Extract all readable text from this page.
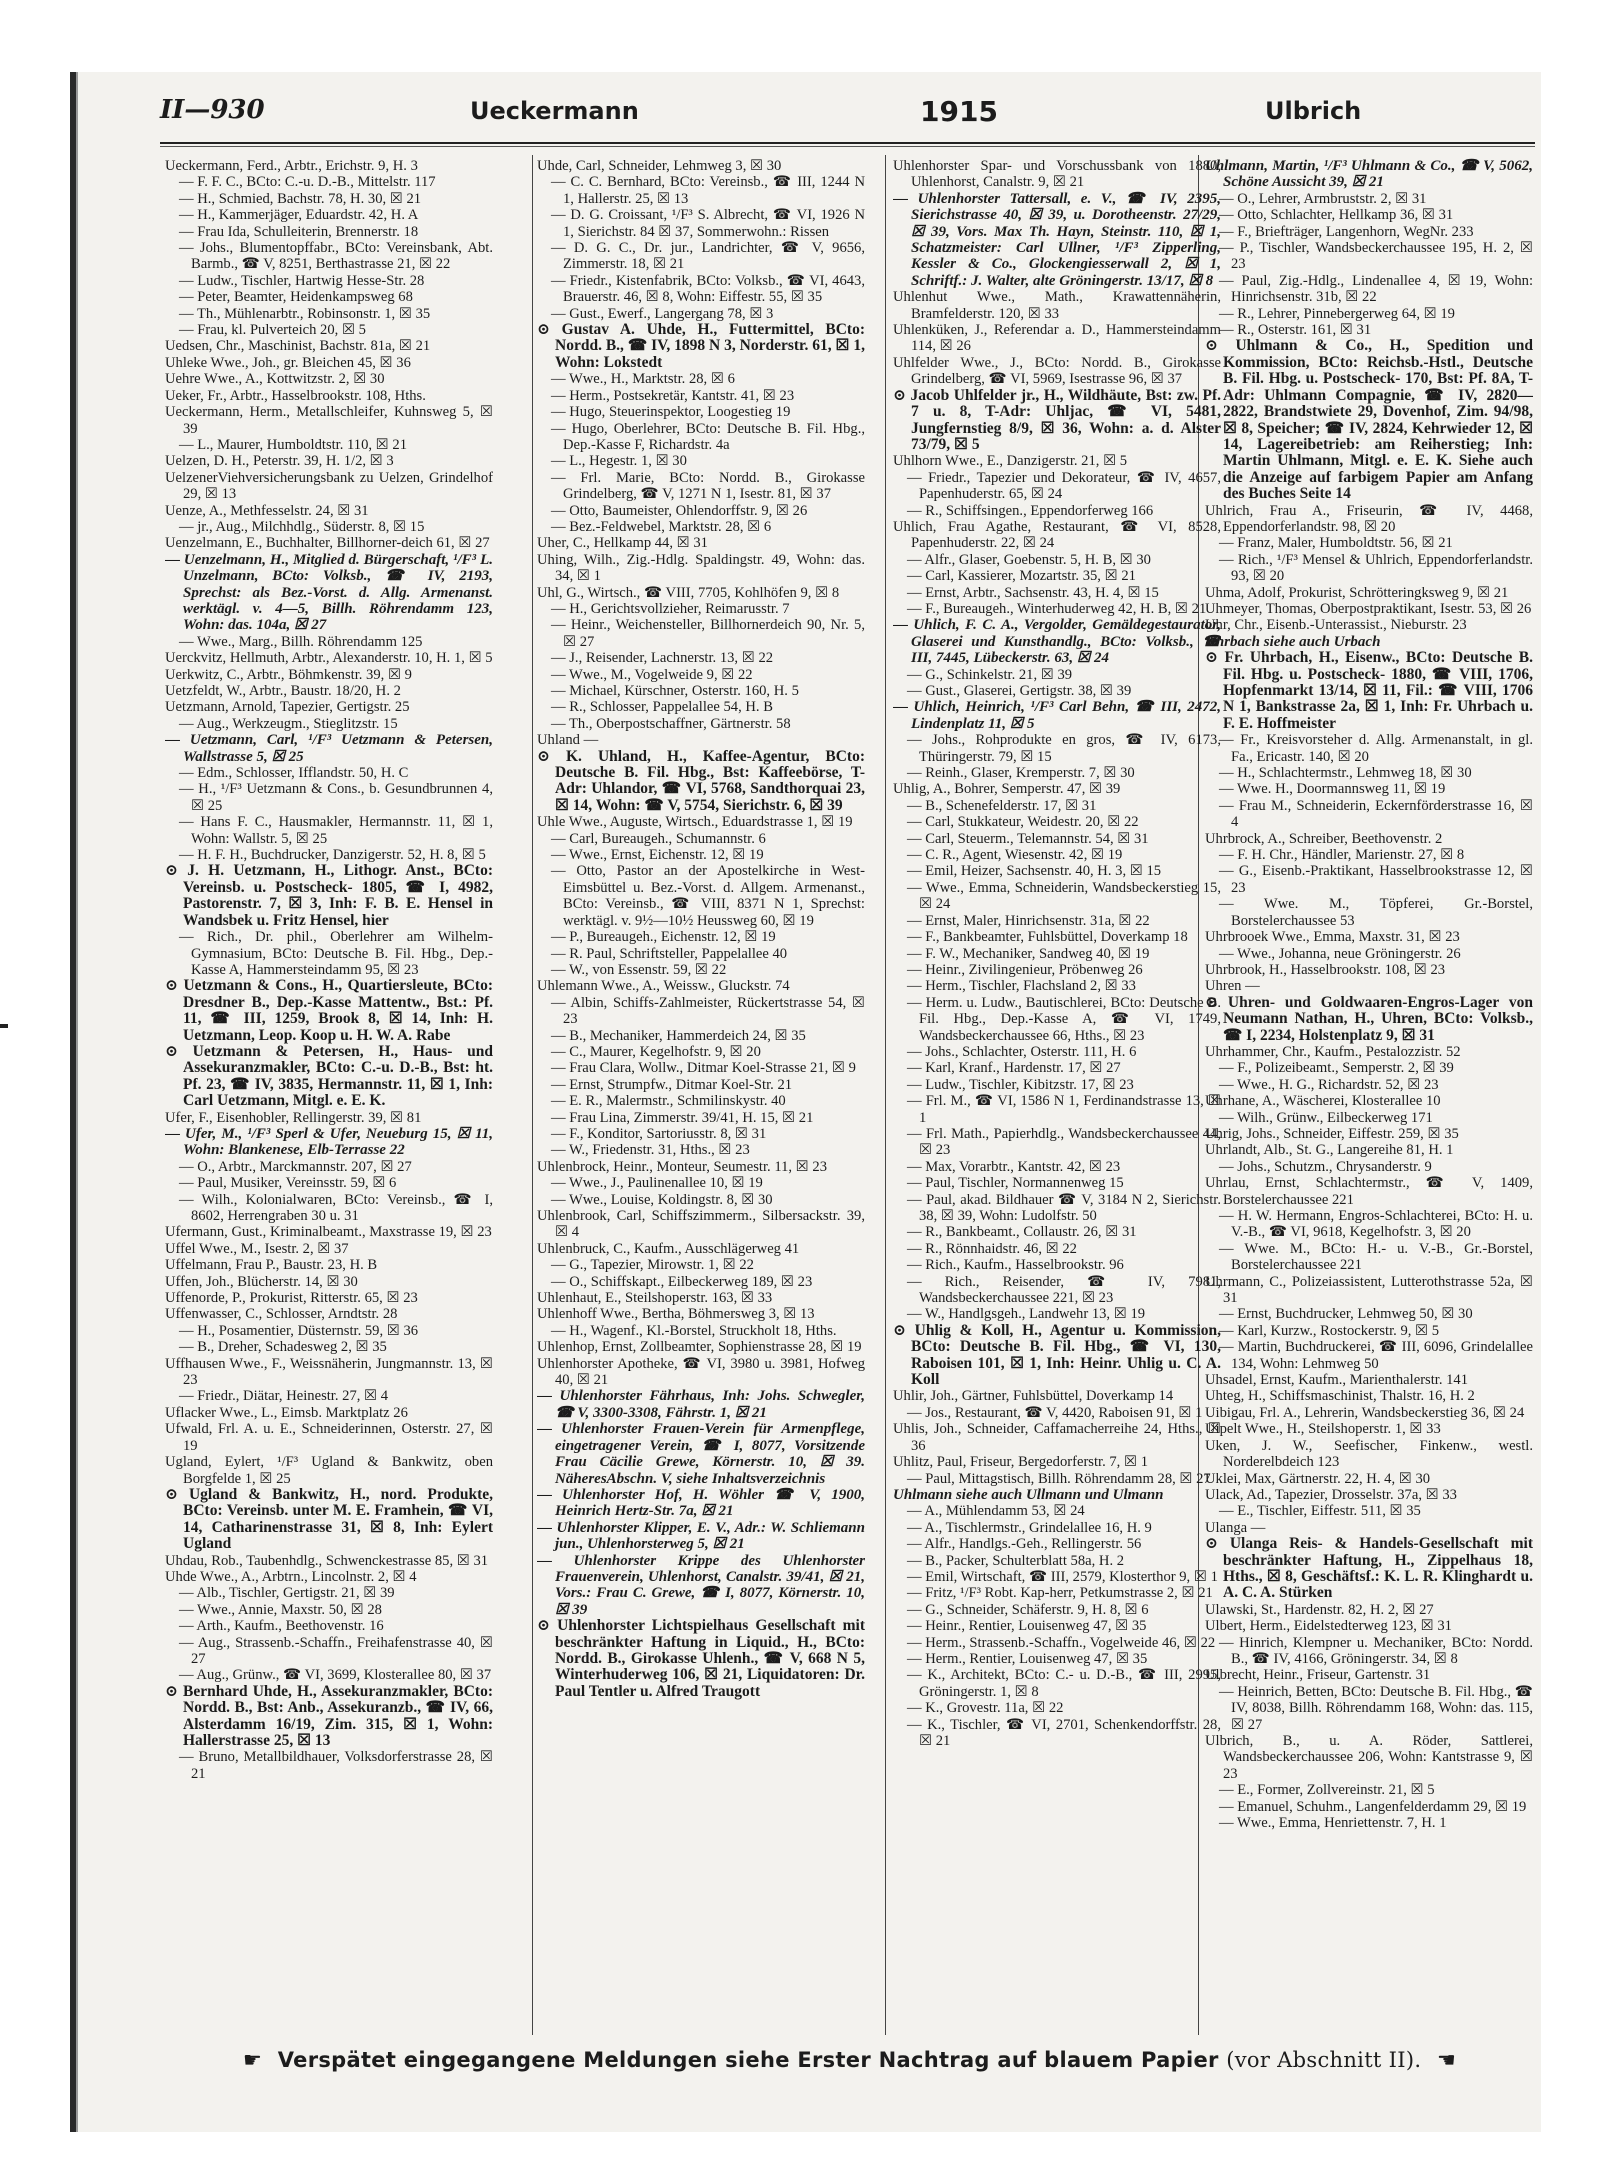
II—930	Ueckermann	1915	Ulbrich

Ueckermann, Ferd., Arbtr., Erichstr. 9, H. 3

— F. F. C., BCto: C.-u. D.-B., Mittelstr. 117

— H., Schmied, Bachstr. 78, H. 30, ☒ 21

— H., Kammerjäger, Eduardstr. 42, H. A

— Frau Ida, Schulleiterin, Brennerstr. 18

— Johs., Blumentopffabr., BCto: Vereinsbank, Abt. Barmb., ☎ V, 8251, Berthastrasse 21, ☒ 22

— Ludw., Tischler, Hartwig Hesse-Str. 28

— Peter, Beamter, Heidenkampsweg 68

— Th., Mühlenarbtr., Robinsonstr. 1, ☒ 35

— Frau, kl. Pulverteich 20, ☒ 5

Uedsen, Chr., Maschinist, Bachstr. 81a, ☒ 21

Uhleke Wwe., Joh., gr. Bleichen 45, ☒ 36

Uehre Wwe., A., Kottwitzstr. 2, ☒ 30

Ueker, Fr., Arbtr., Hasselbrookstr. 108, Hths.

Ueckermann, Herm., Metallschleifer, Kuhnsweg 5, ☒ 39

— L., Maurer, Humboldtstr. 110, ☒ 21

Uelzen, D. H., Peterstr. 39, H. 1/2, ☒ 3

UelzenerViehversicherungsbank zu Uelzen, Grindelhof 29, ☒ 13

Uenze, A., Methfesselstr. 24, ☒ 31

— jr., Aug., Milchhdlg., Süderstr. 8, ☒ 15

Uenzelmann, E., Buchhalter, Billhorner-deich 61, ☒ 27

— Uenzelmann, H., Mitglied d. Bürgerschaft, ¹/F³ L. Unzelmann, BCto: Volksb., ☎ IV, 2193, Sprechst: als Bez.-Vorst. d. Allg. Armenanst. werktägl. v. 4—5, Billh. Röhrendamm 123, Wohn: das. 104a, ☒ 27

— Wwe., Marg., Billh. Röhrendamm 125

Uerckvitz, Hellmuth, Arbtr., Alexanderstr. 10, H. 1, ☒ 5

Uerkwitz, C., Arbtr., Böhmkenstr. 39, ☒ 9

Uetzfeldt, W., Arbtr., Baustr. 18/20, H. 2

Uetzmann, Arnold, Tapezier, Gertigstr. 25

— Aug., Werkzeugm., Stieglitzstr. 15

— Uetzmann, Carl, ¹/F³ Uetzmann & Petersen, Wallstrasse 5, ☒ 25

— Edm., Schlosser, Ifflandstr. 50, H. C

— H., ¹/F³ Uetzmann & Cons., b. Gesundbrunnen 4, ☒ 25

— Hans F. C., Hausmakler, Hermannstr. 11, ☒ 1, Wohn: Wallstr. 5, ☒ 25

— H. F. H., Buchdrucker, Danzigerstr. 52, H. 8, ☒ 5

⊙ J. H. Uetzmann, H., Lithogr. Anst., BCto: Vereinsb. u. Postscheck- 1805, ☎ I, 4982, Pastorenstr. 7, ☒ 3, Inh: F. B. E. Hensel in Wandsbek u. Fritz Hensel, hier

— Rich., Dr. phil., Oberlehrer am Wilhelm-Gymnasium, BCto: Deutsche B. Fil. Hbg., Dep.-Kasse A, Hammersteindamm 95, ☒ 23

⊙ Uetzmann & Cons., H., Quartiersleute, BCto: Dresdner B., Dep.-Kasse Mattentw., Bst.: Pf. 11, ☎ III, 1259, Brook 8, ☒ 14, Inh: H. Uetzmann, Leop. Koop u. H. W. A. Rabe

⊙ Uetzmann & Petersen, H., Haus- und Assekuranzmakler, BCto: C.-u. D.-B., Bst: ht. Pf. 23, ☎ IV, 3835, Hermannstr. 11, ☒ 1, Inh: Carl Uetzmann, Mitgl. e. E. K.

Ufer, F., Eisenhobler, Rellingerstr. 39, ☒ 81

— Ufer, M., ¹/F³ Sperl & Ufer, Neueburg 15, ☒ 11, Wohn: Blankenese, Elb-Terrasse 22

— O., Arbtr., Marckmannstr. 207, ☒ 27

— Paul, Musiker, Vereinsstr. 59, ☒ 6

— Wilh., Kolonialwaren, BCto: Vereinsb., ☎ I, 8602, Herrengraben 30 u. 31

Ufermann, Gust., Kriminalbeamt., Maxstrasse 19, ☒ 23

Uffel Wwe., M., Isestr. 2, ☒ 37

Uffelmann, Frau P., Baustr. 23, H. B

Uffen, Joh., Blücherstr. 14, ☒ 30

Uffenorde, P., Prokurist, Ritterstr. 65, ☒ 23

Uffenwasser, C., Schlosser, Arndtstr. 28

— H., Posamentier, Düsternstr. 59, ☒ 36

— B., Dreher, Schadesweg 2, ☒ 35

Uffhausen Wwe., F., Weissnäherin, Jungmannstr. 13, ☒ 23

— Friedr., Diätar, Heinestr. 27, ☒ 4

Uflacker Wwe., L., Eimsb. Marktplatz 26

Ufwald, Frl. A. u. E., Schneiderinnen, Osterstr. 27, ☒ 19

Ugland, Eylert, ¹/F³ Ugland & Bankwitz, oben Borgfelde 1, ☒ 25

⊙ Ugland & Bankwitz, H., nord. Produkte, BCto: Vereinsb. unter M. E. Framhein, ☎ VI, 14, Catharinenstrasse 31, ☒ 8, Inh: Eylert Ugland

Uhdau, Rob., Taubenhdlg., Schwenckestrasse 85, ☒ 31

Uhde Wwe., A., Arbtrn., Lincolnstr. 2, ☒ 4

— Alb., Tischler, Gertigstr. 21, ☒ 39

— Wwe., Annie, Maxstr. 50, ☒ 28

— Arth., Kaufm., Beethovenstr. 16

— Aug., Strassenb.-Schaffn., Freihafenstrasse 40, ☒ 27

— Aug., Grünw., ☎ VI, 3699, Klosterallee 80, ☒ 37

⊙ Bernhard Uhde, H., Assekuranzmakler, BCto: Nordd. B., Bst: Anb., Assekuranzb., ☎ IV, 66, Alsterdamm 16/19, Zim. 315, ☒ 1, Wohn: Hallerstrasse 25, ☒ 13

— Bruno, Metallbildhauer, Volksdorferstrasse 28, ☒ 21

Uhde, Carl, Schneider, Lehmweg 3, ☒ 30

— C. C. Bernhard, BCto: Vereinsb., ☎ III, 1244 N 1, Hallerstr. 25, ☒ 13

— D. G. Croissant, ¹/F³ S. Albrecht, ☎ VI, 1926 N 1, Sierichstr. 84 ☒ 37, Sommerwohn.: Rissen

— D. G. C., Dr. jur., Landrichter, ☎ V, 9656, Zimmerstr. 18, ☒ 21

— Friedr., Kistenfabrik, BCto: Volksb., ☎ VI, 4643, Brauerstr. 46, ☒ 8, Wohn: Eiffestr. 55, ☒ 35

— Gust., Ewerf., Langergang 78, ☒ 3

⊙ Gustav A. Uhde, H., Futtermittel, BCto: Nordd. B., ☎ IV, 1898 N 3, Norderstr. 61, ☒ 1, Wohn: Lokstedt

— Wwe., H., Marktstr. 28, ☒ 6

— Herm., Postsekretär, Kantstr. 41, ☒ 23

— Hugo, Steuerinspektor, Loogestieg 19

— Hugo, Oberlehrer, BCto: Deutsche B. Fil. Hbg., Dep.-Kasse F, Richardstr. 4a

— L., Hegestr. 1, ☒ 30

— Frl. Marie, BCto: Nordd. B., Girokasse Grindelberg, ☎ V, 1271 N 1, Isestr. 81, ☒ 37

— Otto, Baumeister, Ohlendorffstr. 9, ☒ 26

— Bez.-Feldwebel, Marktstr. 28, ☒ 6

Uher, C., Hellkamp 44, ☒ 31

Uhing, Wilh., Zig.-Hdlg. Spaldingstr. 49, Wohn: das. 34, ☒ 1

Uhl, G., Wirtsch., ☎ VIII, 7705, Kohlhöfen 9, ☒ 8

— H., Gerichtsvollzieher, Reimarusstr. 7

— Heinr., Weichensteller, Billhornerdeich 90, Nr. 5, ☒ 27

— J., Reisender, Lachnerstr. 13, ☒ 22

— Wwe., M., Vogelweide 9, ☒ 22

— Michael, Kürschner, Osterstr. 160, H. 5

— R., Schlosser, Pappelallee 54, H. B

— Th., Oberpostschaffner, Gärtnerstr. 58

Uhland —

⊙ K. Uhland, H., Kaffee-Agentur, BCto: Deutsche B. Fil. Hbg., Bst: Kaffeebörse, T-Adr: Uhlandor, ☎ VI, 5768, Sandthorquai 23, ☒ 14, Wohn: ☎ V, 5754, Sierichstr. 6, ☒ 39

Uhle Wwe., Auguste, Wirtsch., Eduardstrasse 1, ☒ 19

— Carl, Bureaugeh., Schumannstr. 6

— Wwe., Ernst, Eichenstr. 12, ☒ 19

— Otto, Pastor an der Apostelkirche in West-Eimsbüttel u. Bez.-Vorst. d. Allgem. Armenanst., BCto: Vereinsb., ☎ VIII, 8371 N 1, Sprechst: werktägl. v. 9½—10½ Heussweg 60, ☒ 19

— P., Bureaugeh., Eichenstr. 12, ☒ 19

— R. Paul, Schriftsteller, Pappelallee 40

— W., von Essenstr. 59, ☒ 22

Uhlemann Wwe., A., Weissw., Gluckstr. 74

— Albin, Schiffs-Zahlmeister, Rückertstrasse 54, ☒ 23

— B., Mechaniker, Hammerdeich 24, ☒ 35

— C., Maurer, Kegelhofstr. 9, ☒ 20

— Frau Clara, Wollw., Ditmar Koel-Strasse 21, ☒ 9

— Ernst, Strumpfw., Ditmar Koel-Str. 21

— E. R., Malermstr., Schmilinskystr. 40

— Frau Lina, Zimmerstr. 39/41, H. 15, ☒ 21

— F., Konditor, Sartoriusstr. 8, ☒ 31

— W., Friedenstr. 31, Hths., ☒ 23

Uhlenbrock, Heinr., Monteur, Seumestr. 11, ☒ 23

— Wwe., J., Paulinenallee 10, ☒ 19

— Wwe., Louise, Koldingstr. 8, ☒ 30

Uhlenbrook, Carl, Schiffszimmerm., Silbersackstr. 39, ☒ 4

Uhlenbruck, C., Kaufm., Ausschlägerweg 41

— G., Tapezier, Mirowstr. 1, ☒ 22

— O., Schiffskapt., Eilbeckerweg 189, ☒ 23

Uhlenhaut, E., Steilshoperstr. 163, ☒ 33

Uhlenhoff Wwe., Bertha, Böhmersweg 3, ☒ 13

— H., Wagenf., Kl.-Borstel, Struckholt 18, Hths.

Uhlenhop, Ernst, Zollbeamter, Sophienstrasse 28, ☒ 19

Uhlenhorster Apotheke, ☎ VI, 3980 u. 3981, Hofweg 40, ☒ 21

— Uhlenhorster Fährhaus, Inh: Johs. Schwegler, ☎ V, 3300-3308, Fährstr. 1, ☒ 21

— Uhlenhorster Frauen-Verein für Armenpflege, eingetragener Verein, ☎ I, 8077, Vorsitzende Frau Cäcilie Grewe, Körnerstr. 10, ☒ 39. NäheresAbschn. V, siehe Inhaltsverzeichnis

— Uhlenhorster Hof, H. Wöhler ☎ V, 1900, Heinrich Hertz-Str. 7a, ☒ 21

— Uhlenhorster Klipper, E. V., Adr.: W. Schliemann jun., Uhlenhorsterweg 5, ☒ 21

— Uhlenhorster Krippe des Uhlenhorster Frauenverein, Uhlenhorst, Canalstr. 39/41, ☒ 21, Vors.: Frau C. Grewe, ☎ I, 8077, Körnerstr. 10, ☒ 39

⊙ Uhlenhorster Lichtspielhaus Gesellschaft mit beschränkter Haftung in Liquid., H., BCto: Nordd. B., Girokasse Uhlenh., ☎ V, 668 N 5, Winterhuderweg 106, ☒ 21, Liquidatoren: Dr. Paul Tentler u. Alfred Traugott

Uhlenhorster Spar- und Vorschussbank von 1880, Uhlenhorst, Canalstr. 9, ☒ 21

— Uhlenhorster Tattersall, e. V., ☎ IV, 2395, Sierichstrasse 40, ☒ 39, u. Dorotheenstr. 27/29, ☒ 39, Vors. Max Th. Hayn, Steinstr. 110, ☒ 1, Schatzmeister: Carl Ullner, ¹/F³ Zipperling, Kessler & Co., Glockengiesserwall 2, ☒ 1, Schriftf.: J. Walter, alte Gröningerstr. 13/17, ☒ 8

Uhlenhut Wwe., Math., Krawattennäherin, Bramfelderstr. 120, ☒ 33

Uhlenküken, J., Referendar a. D., Hammersteindamm 114, ☒ 26

Uhlfelder Wwe., J., BCto: Nordd. B., Girokasse Grindelberg, ☎ VI, 5969, Isestrasse 96, ☒ 37

⊙ Jacob Uhlfelder jr., H., Wildhäute, Bst: zw. Pf. 7 u. 8, T-Adr: Uhljac, ☎ VI, 5481, Jungfernstieg 8/9, ☒ 36, Wohn: a. d. Alster 73/79, ☒ 5

Uhlhorn Wwe., E., Danzigerstr. 21, ☒ 5

— Friedr., Tapezier und Dekorateur, ☎ IV, 4657, Papenhuderstr. 65, ☒ 24

— R., Schiffsingen., Eppendorferweg 166

Uhlich, Frau Agathe, Restaurant, ☎ VI, 8528, Papenhuderstr. 22, ☒ 24

— Alfr., Glaser, Goebenstr. 5, H. B, ☒ 30

— Carl, Kassierer, Mozartstr. 35, ☒ 21

— Ernst, Arbtr., Sachsenstr. 43, H. 4, ☒ 15

— F., Bureaugeh., Winterhuderweg 42, H. B, ☒ 21

— Uhlich, F. C. A., Vergolder, Gemäldegestaurator, Glaserei und Kunsthandlg., BCto: Volksb., ☎ III, 7445, Lübeckerstr. 63, ☒ 24

— G., Schinkelstr. 21, ☒ 39

— Gust., Glaserei, Gertigstr. 38, ☒ 39

— Uhlich, Heinrich, ¹/F³ Carl Behn, ☎ III, 2472, Lindenplatz 11, ☒ 5

— Johs., Rohprodukte en gros, ☎ IV, 6173, Thüringerstr. 79, ☒ 15

— Reinh., Glaser, Kremperstr. 7, ☒ 30

Uhlig, A., Bohrer, Semperstr. 47, ☒ 39

— B., Schenefelderstr. 17, ☒ 31

— Carl, Stukkateur, Weidestr. 20, ☒ 22

— Carl, Steuerm., Telemannstr. 54, ☒ 31

— C. R., Agent, Wiesenstr. 42, ☒ 19

— Emil, Heizer, Sachsenstr. 40, H. 3, ☒ 15

— Wwe., Emma, Schneiderin, Wandsbeckerstieg 15, ☒ 24

— Ernst, Maler, Hinrichsenstr. 31a, ☒ 22

— F., Bankbeamter, Fuhlsbüttel, Doverkamp 18

— F. W., Mechaniker, Sandweg 40, ☒ 19

— Heinr., Zivilingenieur, Pröbenweg 26

— Herm., Tischler, Flachsland 2, ☒ 33

— Herm. u. Ludw., Bautischlerei, BCto: Deutsche B. Fil. Hbg., Dep.-Kasse A, ☎ VI, 1749, Wandsbeckerchaussee 66, Hths., ☒ 23

— Johs., Schlachter, Osterstr. 111, H. 6

— Karl, Kranf., Hardenstr. 17, ☒ 27

— Ludw., Tischler, Kibitzstr. 17, ☒ 23

— Frl. M., ☎ VI, 1586 N 1, Ferdinandstrasse 13, ☒ 1

— Frl. Math., Papierhdlg., Wandsbeckerchaussee 44, ☒ 23

— Max, Vorarbtr., Kantstr. 42, ☒ 23

— Paul, Tischler, Normannenweg 15

— Paul, akad. Bildhauer ☎ V, 3184 N 2, Sierichstr. 38, ☒ 39, Wohn: Ludolfstr. 50

— R., Bankbeamt., Collaustr. 26, ☒ 31

— R., Rönnhaidstr. 46, ☒ 22

— Rich., Kaufm., Hasselbrookstr. 96

— Rich., Reisender, ☎ IV, 7981, Wandsbeckerchaussee 221, ☒ 23

— W., Handlgsgeh., Landwehr 13, ☒ 19

⊙ Uhlig & Koll, H., Agentur u. Kommission, BCto: Deutsche B. Fil. Hbg., ☎ VI, 130, Raboisen 101, ☒ 1, Inh: Heinr. Uhlig u. C. A. Koll

Uhlir, Joh., Gärtner, Fuhlsbüttel, Doverkamp 14

— Jos., Restaurant, ☎ V, 4420, Raboisen 91, ☒ 1

Uhlis, Joh., Schneider, Caffamacherreihe 24, Hths., ☒ 36

Uhlitz, Paul, Friseur, Bergedorferstr. 7, ☒ 1

— Paul, Mittagstisch, Billh. Röhrendamm 28, ☒ 27

Uhlmann siehe auch Ullmann und Ulmann

— A., Mühlendamm 53, ☒ 24

— A., Tischlermstr., Grindelallee 16, H. 9

— Alfr., Handlgs.-Geh., Rellingerstr. 56

— B., Packer, Schulterblatt 58a, H. 2

— Emil, Wirtschaft, ☎ III, 2579, Klosterthor 9, ☒ 1

— Fritz, ¹/F³ Robt. Kap-herr, Petkumstrasse 2, ☒ 21

— G., Schneider, Schäferstr. 9, H. 8, ☒ 6

— Heinr., Rentier, Louisenweg 47, ☒ 35

— Herm., Strassenb.-Schaffn., Vogelweide 46, ☒ 22

— Herm., Rentier, Louisenweg 47, ☒ 35

— K., Architekt, BCto: C.- u. D.-B., ☎ III, 2995, Gröningerstr. 1, ☒ 8

— K., Grovestr. 11a, ☒ 22

— K., Tischler, ☎ VI, 2701, Schenkendorffstr. 28, ☒ 21

Uhlmann, Martin, ¹/F³ Uhlmann & Co., ☎ V, 5062, Schöne Aussicht 39, ☒ 21

— O., Lehrer, Armbruststr. 2, ☒ 31

— Otto, Schlachter, Hellkamp 36, ☒ 31

— F., Briefträger, Langenhorn, WegNr. 233

— P., Tischler, Wandsbeckerchaussee 195, H. 2, ☒ 23

— Paul, Zig.-Hdlg., Lindenallee 4, ☒ 19, Wohn: Hinrichsenstr. 31b, ☒ 22

— R., Lehrer, Pinnebergerweg 64, ☒ 19

— R., Osterstr. 161, ☒ 31

⊙ Uhlmann & Co., H., Spedition und Kommission, BCto: Reichsb.-Hstl., Deutsche B. Fil. Hbg. u. Postscheck- 170, Bst: Pf. 8A, T-Adr: Uhlmann Compagnie, ☎ IV, 2820—2822, Brandstwiete 29, Dovenhof, Zim. 94/98, ☒ 8, Speicher; ☎ IV, 2824, Kehrwieder 12, ☒ 14, Lagereibetrieb: am Reiherstieg; Inh: Martin Uhlmann, Mitgl. e. E. K. Siehe auch die Anzeige auf farbigem Papier am Anfang des Buches Seite 14

Uhlrich, Frau A., Friseurin, ☎ IV, 4468, Eppendorferlandstr. 98, ☒ 20

— Franz, Maler, Humboldtstr. 56, ☒ 21

— Rich., ¹/F³ Mensel & Uhlrich, Eppendorferlandstr. 93, ☒ 20

Uhma, Adolf, Prokurist, Schrötteringksweg 9, ☒ 21

Uhmeyer, Thomas, Oberpostpraktikant, Isestr. 53, ☒ 26

Uhr, Chr., Eisenb.-Unterassist., Nieburstr. 23

Uhrbach siehe auch Urbach

⊙ Fr. Uhrbach, H., Eisenw., BCto: Deutsche B. Fil. Hbg. u. Postscheck- 1880, ☎ VIII, 1706, Hopfenmarkt 13/14, ☒ 11, Fil.: ☎ VIII, 1706 N 1, Bankstrasse 2a, ☒ 1, Inh: Fr. Uhrbach u. F. E. Hoffmeister

— Fr., Kreisvorsteher d. Allg. Armenanstalt, in gl. Fa., Ericastr. 140, ☒ 20

— H., Schlachtermstr., Lehmweg 18, ☒ 30

— Wwe. H., Doormannsweg 11, ☒ 19

— Frau M., Schneiderin, Eckernförderstrasse 16, ☒ 4

Uhrbrock, A., Schreiber, Beethovenstr. 2

— F. H. Chr., Händler, Marienstr. 27, ☒ 8

— G., Eisenb.-Praktikant, Hasselbrookstrasse 12, ☒ 23

— Wwe. M., Töpferei, Gr.-Borstel, Borstelerchaussee 53

Uhrbrooek Wwe., Emma, Maxstr. 31, ☒ 23

— Wwe., Johanna, neue Gröningerstr. 26

Uhrbrook, H., Hasselbrookstr. 108, ☒ 23

Uhren —

⊙ Uhren- und Goldwaaren-Engros-Lager von Neumann Nathan, H., Uhren, BCto: Volksb., ☎ I, 2234, Holstenplatz 9, ☒ 31

Uhrhammer, Chr., Kaufm., Pestalozzistr. 52

— F., Polizeibeamt., Semperstr. 2, ☒ 39

— Wwe., H. G., Richardstr. 52, ☒ 23

Uhrhane, A., Wäscherei, Klosterallee 10

— Wilh., Grünw., Eilbeckerweg 171

Uhrig, Johs., Schneider, Eiffestr. 259, ☒ 35

Uhrlandt, Alb., St. G., Langereihe 81, H. 1

— Johs., Schutzm., Chrysanderstr. 9

Uhrlau, Ernst, Schlachtermstr., ☎ V, 1409, Borstelerchaussee 221

— H. W. Hermann, Engros-Schlachterei, BCto: H. u. V.-B., ☎ VI, 9618, Kegelhofstr. 3, ☒ 20

— Wwe. M., BCto: H.- u. V.-B., Gr.-Borstel, Borstelerchaussee 221

Uhrmann, C., Polizeiassistent, Lutterothstrasse 52a, ☒ 31

— Ernst, Buchdrucker, Lehmweg 50, ☒ 30

— Karl, Kurzw., Rostockerstr. 9, ☒ 5

— Martin, Buchdruckerei, ☎ III, 6096, Grindelallee 134, Wohn: Lehmweg 50

Uhsadel, Ernst, Kaufm., Marienthalerstr. 141

Uhteg, H., Schiffsmaschinist, Thalstr. 16, H. 2

Uibigau, Frl. A., Lehrerin, Wandsbeckerstieg 36, ☒ 24

Uipelt Wwe., H., Steilshoperstr. 1, ☒ 33

Uken, J. W., Seefischer, Finkenw., westl. Norderelbdeich 123

Uklei, Max, Gärtnerstr. 22, H. 4, ☒ 30

Ulack, Ad., Tapezier, Drosselstr. 37a, ☒ 33

— E., Tischler, Eiffestr. 511, ☒ 35

Ulanga —

⊙ Ulanga Reis- & Handels-Gesellschaft mit beschränkter Haftung, H., Zippelhaus 18, Hths., ☒ 8, Geschäftsf.: K. L. R. Klinghardt u. A. C. A. Stürken

Ulawski, St., Hardenstr. 82, H. 2, ☒ 27

Ulbert, Herm., Eidelstedterweg 123, ☒ 31

— Hinrich, Klempner u. Mechaniker, BCto: Nordd. B., ☎ IV, 4166, Gröningerstr. 34, ☒ 8

Ulbrecht, Heinr., Friseur, Gartenstr. 31

— Heinrich, Betten, BCto: Deutsche B. Fil. Hbg., ☎ IV, 8038, Billh. Röhrendamm 168, Wohn: das. 115, ☒ 27

Ulbrich, B., u. A. Röder, Sattlerei, Wandsbeckerchaussee 206, Wohn: Kantstrasse 9, ☒ 23

— E., Former, Zollvereinstr. 21, ☒ 5

— Emanuel, Schuhm., Langenfelderdamm 29, ☒ 19

— Wwe., Emma, Henriettenstr. 7, H. 1

☛ Verspätet eingegangene Meldungen siehe Erster Nachtrag auf blauem Papier (vor Abschnitt II). ☚
